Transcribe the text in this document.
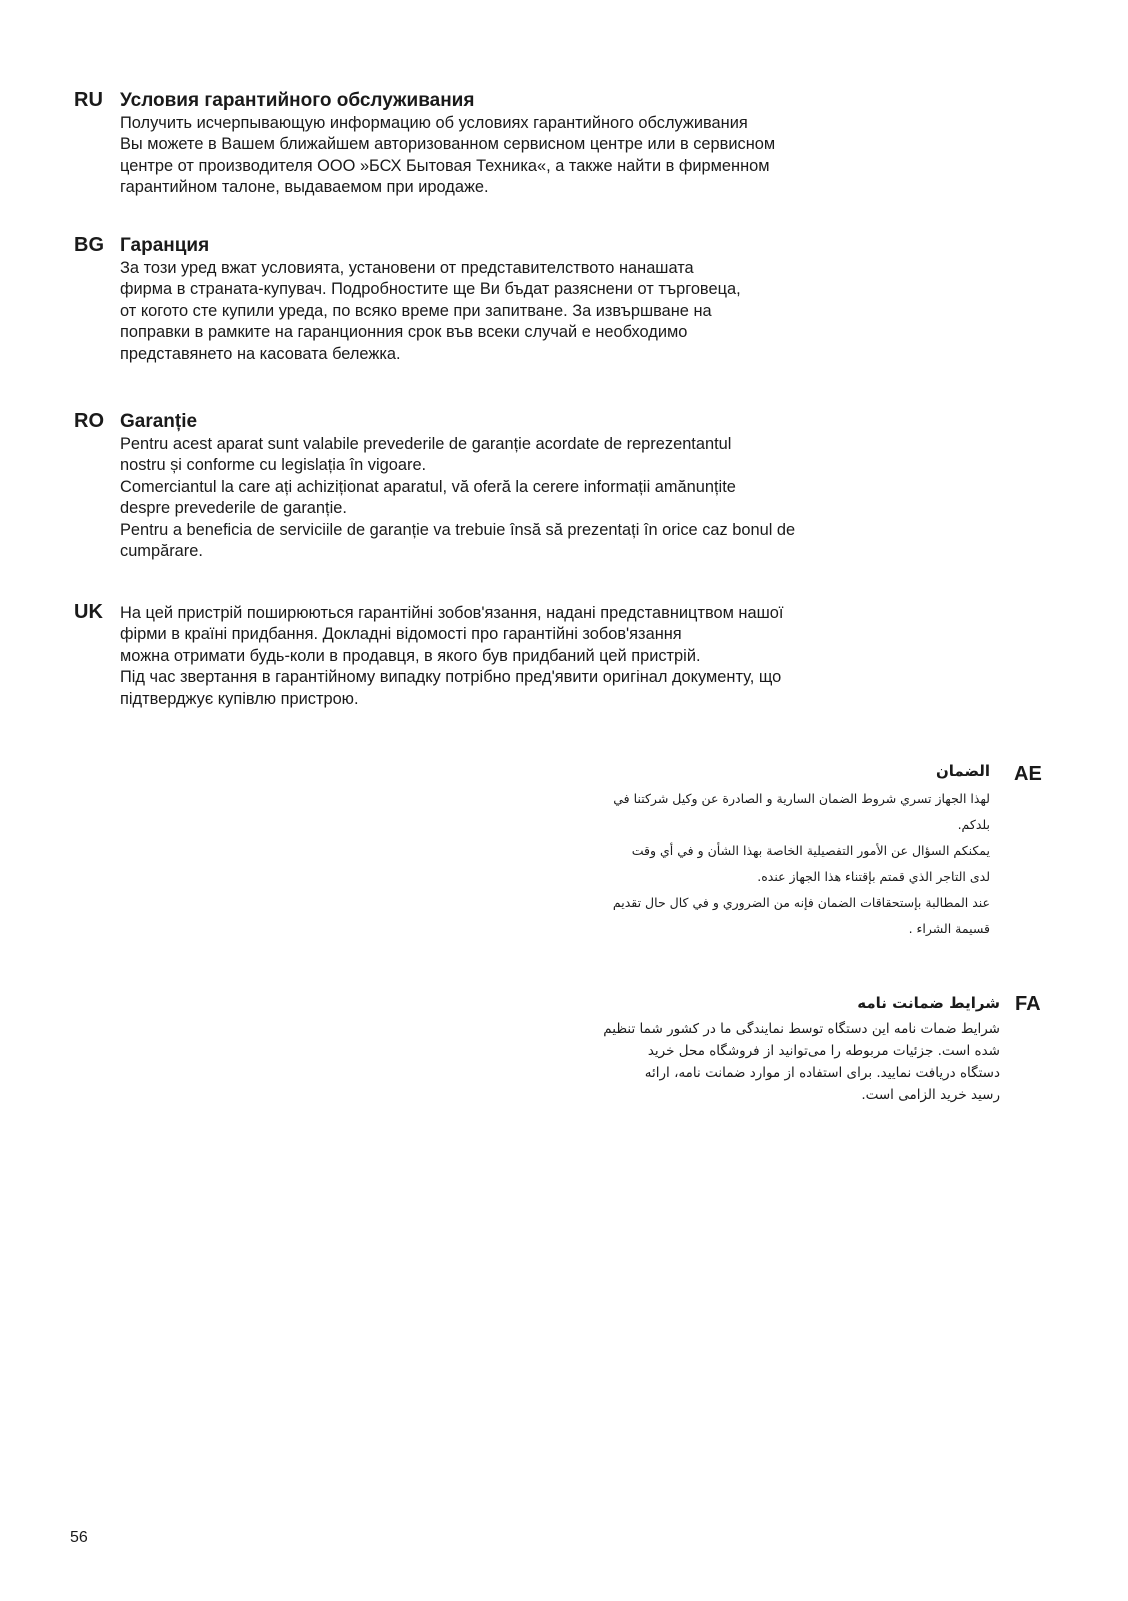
RU Условия гарантийного обслуживания

Получить исчерпывающую информацию об условиях гарантийного обслуживания

Вы можете в Вашем ближайшем авторизованном сервисном центре или в сервисном

центре от производителя ООО »БСХ Бытовая Техника«, а также найти в фирменном

гарантийном талоне, выдаваемом при иродаже.

BG Гаранция

За този уред вжат условията, установени от представителството нанашата

фирма в страната-купувач. Подробностите ще Ви бъдат разяснени от търговеца,

от когото сте купили уреда, по всяко време при запитване. За извършване на

поправки в рамките на гаранционния срок във всеки случай е необходимо

представянето на касовата бележка.

RO Garanție

Pentru acest aparat sunt valabile prevederile de garanție acordate de reprezentantul

nostru și conforme cu legislația în vigoare.

Comerciantul la care ați achiziționat aparatul, vă oferă la cerere informații amănunțite

despre prevederile de garanție.

Pentru a beneficia de serviciile de garanție va trebuie însă să prezentați în orice caz bonul de

cumpărare.

UK	На цей пристрій поширюються гарантійні зобов'язання, надані представництвом нашої

фірми в країні придбання. Докладні відомості про гарантійні зобов'язання

можна отримати будь-коли в продавця, в якого був придбаний цей пристрій.

Під час звертання в гарантійному випадку потрібно пред'явити оригінал документу, що

підтверджує купівлю пристрою.

AE

الضمان

لهذا الجهاز تسري شروط الضمان السارية و الصادرة عن وكيل شركتنا في

بلدكم.

يمكنكم السؤال عن الأمور التفصيلية الخاصة بهذا الشأن و في أي وقت

لدى التاجر الذي قمتم بإقتناء هذا الجهاز عنده.

عند المطالبة بإستحقاقات الضمان فإنه من الضروري و في كال حال تقديم

قسيمة الشراء .

FA

شرایط ضمانت نامه

شرایط ضمات نامه این دستگاه توسط نمایندگی ما در کشور شما تنظیم

شده است. جزئیات مربوطه را می‌توانید از فروشگاه محل خرید

دستگاه دریافت نمایید. برای استفاده از موارد ضمانت نامه، ارائه

رسید خرید الزامی است.

56
